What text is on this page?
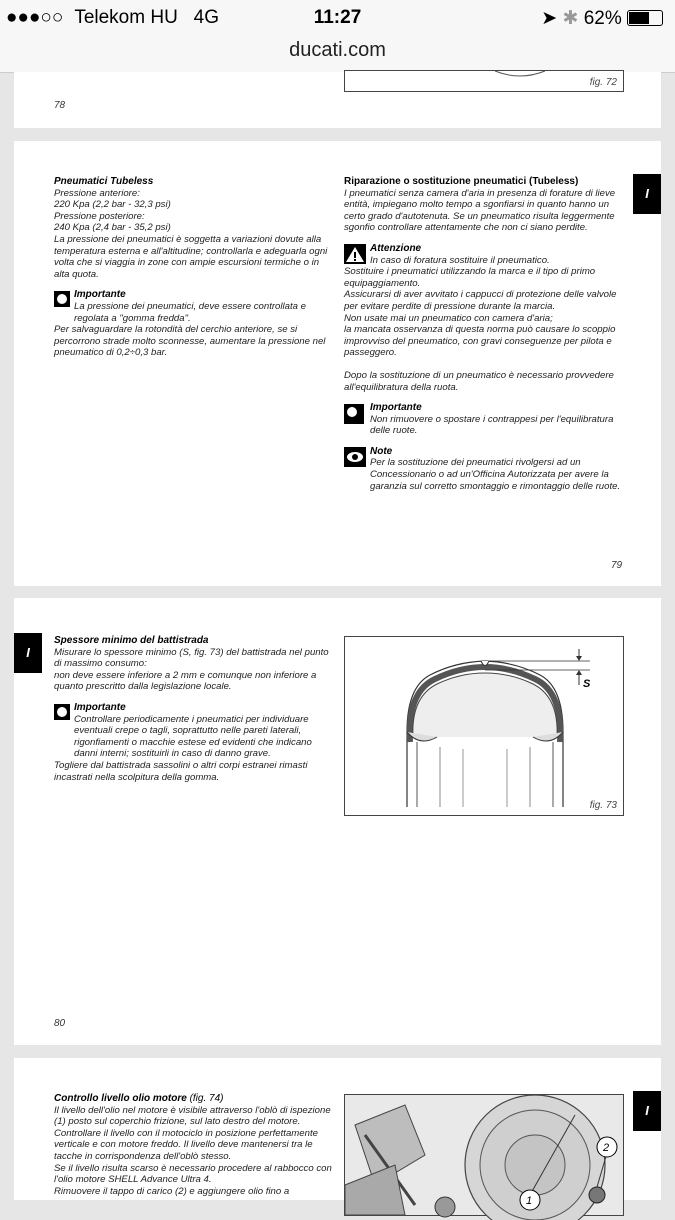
●●●○○ Telekom HU 4G	11:27	➤ ✱ 62%
ducati.com
fig. 72
78
Pneumatici Tubeless

Pressione anteriore:

220 Kpa (2,2 bar - 32,3 psi)

Pressione posteriore:

240 Kpa (2,4 bar - 35,2 psi)

La pressione dei pneumatici è soggetta a variazioni dovute alla temperatura esterna e all'altitudine; controllarla e adeguarla ogni volta che si viaggia in zone con ampie escursioni termiche o in alta quota.

Importante

La pressione dei pneumatici, deve essere controllata e regolata a "gomma fredda".

Per salvaguardare la rotondità del cerchio anteriore, se si percorrono strade molto sconnesse, aumentare la pressione nel pneumatico di 0,2÷0,3 bar.

Riparazione o sostituzione pneumatici (Tubeless)

I pneumatici senza camera d'aria in presenza di forature di lieve entità, impiegano molto tempo a sgonfiarsi in quanto hanno un certo grado d'autotenuta. Se un pneumatico risulta leggermente sgonfio controllare attentamente che non ci siano perdite.

Attenzione

In caso di foratura sostituire il pneumatico.

Sostituire i pneumatici utilizzando la marca e il tipo di primo equipaggiamento.

Assicurarsi di aver avvitato i cappucci di protezione delle valvole per evitare perdite di pressione durante la marcia.

Non usate mai un pneumatico con camera d'aria;

la mancata osservanza di questa norma può causare lo scoppio improvviso del pneumatico, con gravi conseguenze per pilota e passeggero.

Dopo la sostituzione di un pneumatico è necessario provvedere all'equilibratura della ruota.

Importante

Non rimuovere o spostare i contrappesi per l'equilibratura delle ruote.

Note

Per la sostituzione dei pneumatici rivolgersi ad un Concessionario o ad un'Officina Autorizzata per avere la garanzia sul corretto smontaggio e rimontaggio delle ruote.

I
79
I
Spessore minimo del battistrada

Misurare lo spessore minimo (S, fig. 73) del battistrada nel punto di massimo consumo:

non deve essere inferiore a 2 mm e comunque non inferiore a quanto prescritto dalla legislazione locale.

Importante

Controllare periodicamente i pneumatici per individuare eventuali crepe o tagli, soprattutto nelle pareti laterali, rigonfiamenti o macchie estese ed evidenti che indicano danni interni; sostituirli in caso di danno grave.

Togliere dal battistrada sassolini o altri corpi estranei rimasti incastrati nella scolpitura della gomma.

S
fig. 73
80
Controllo livello olio motore (fig. 74)

Il livello dell'olio nel motore è visibile attraverso l'oblò di ispezione (1) posto sul coperchio frizione, sul lato destro del motore. Controllare il livello con il motociclo in posizione perfettamente verticale e con motore freddo. Il livello deve mantenersi tra le tacche in corrispondenza dell'oblò stesso.

Se il livello risulta scarso è necessario procedere al rabbocco con l'olio motore SHELL Advance Ultra 4.

Rimuovere il tappo di carico (2) e aggiungere olio fino a

1
2
I
